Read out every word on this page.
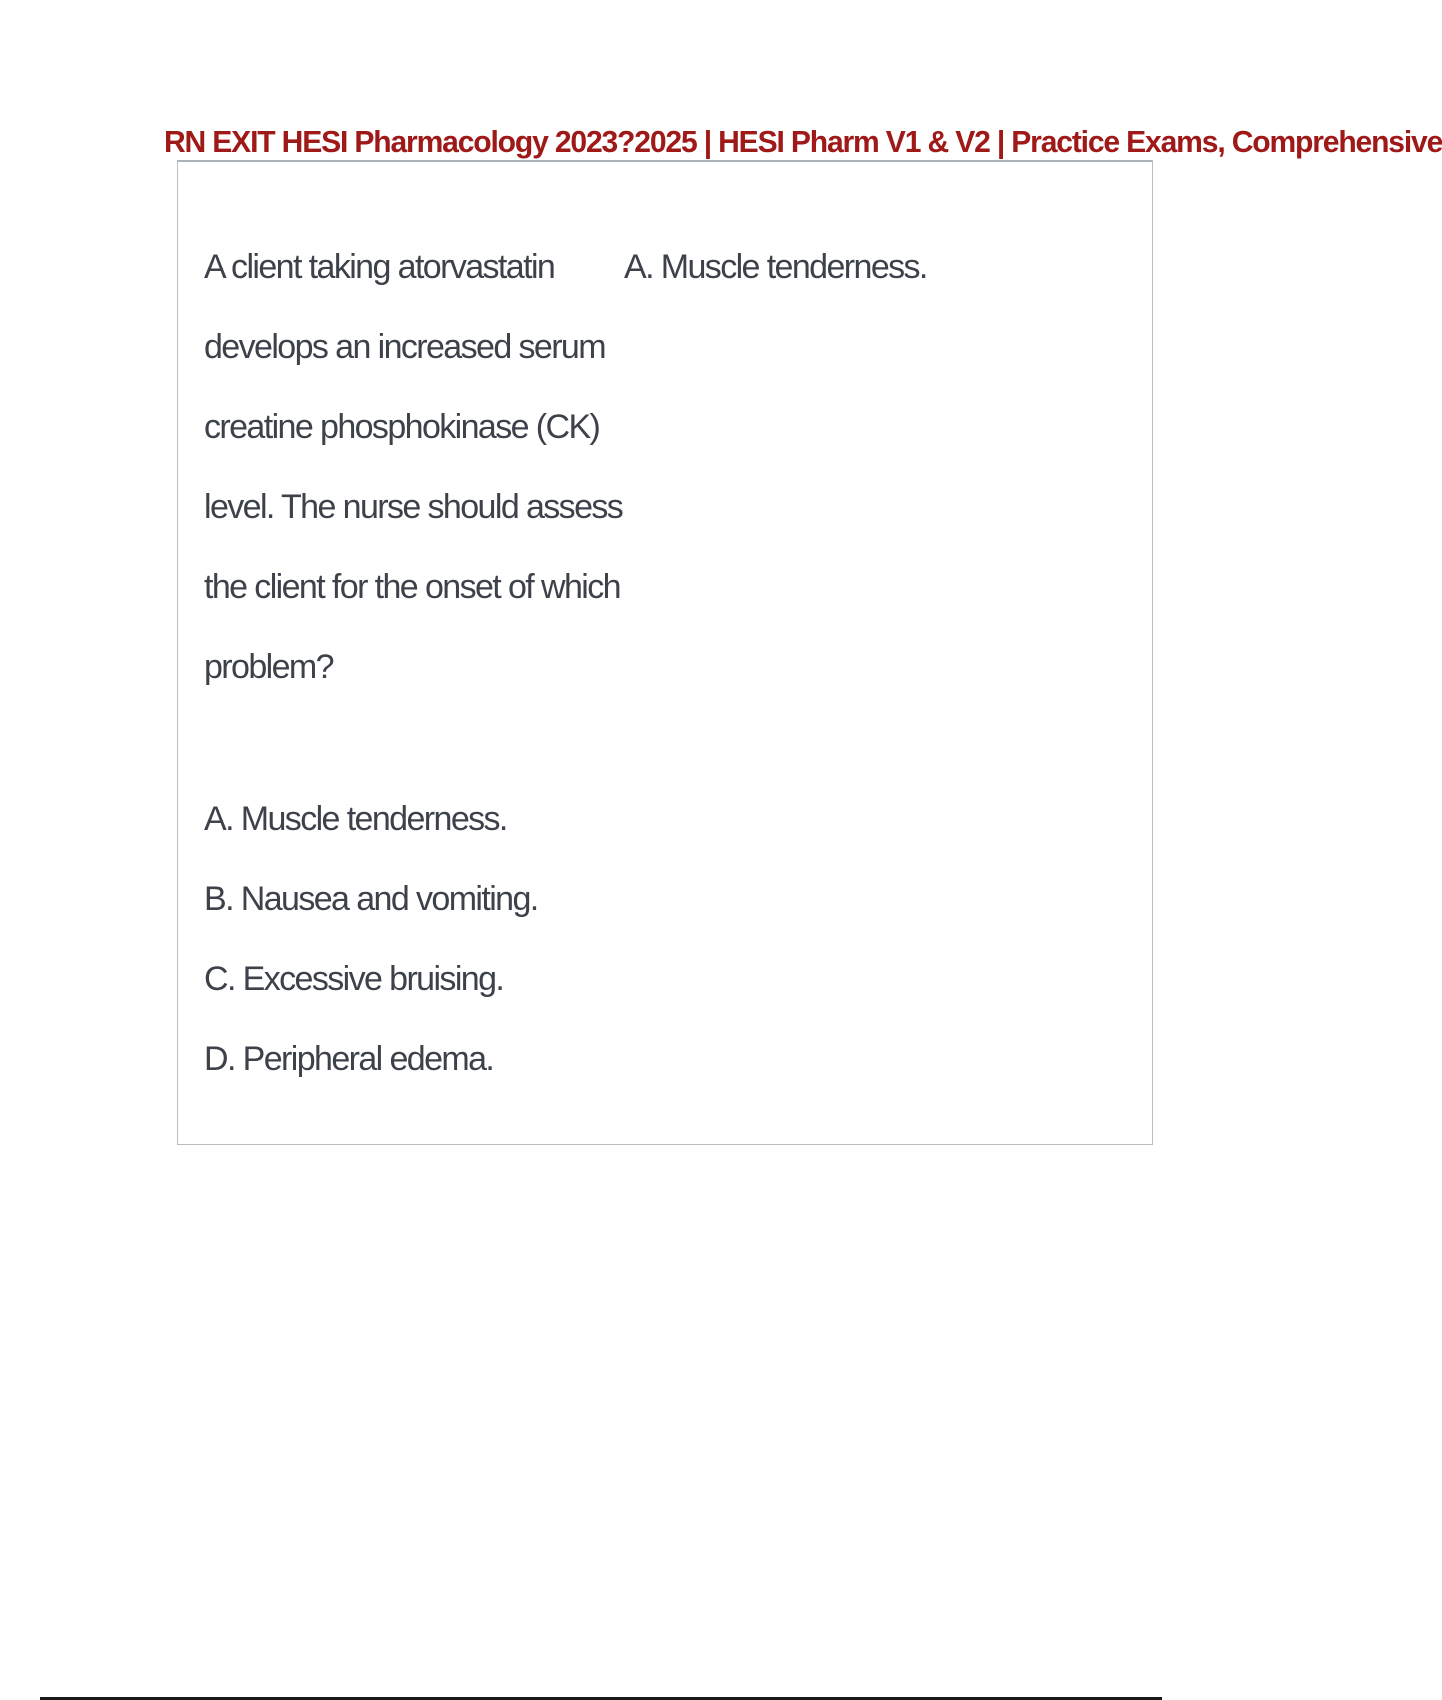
RN EXIT HESI Pharmacology 2023?2025 | HESI Pharm V1 & V2 | Practice Exams, Comprehensive
A client taking atorvastatin
develops an increased serum
creatine phosphokinase (CK)
level. The nurse should assess
the client for the onset of which
problem?
A. Muscle tenderness.
B. Nausea and vomiting.
C. Excessive bruising.
D. Peripheral edema.
A. Muscle tenderness.
